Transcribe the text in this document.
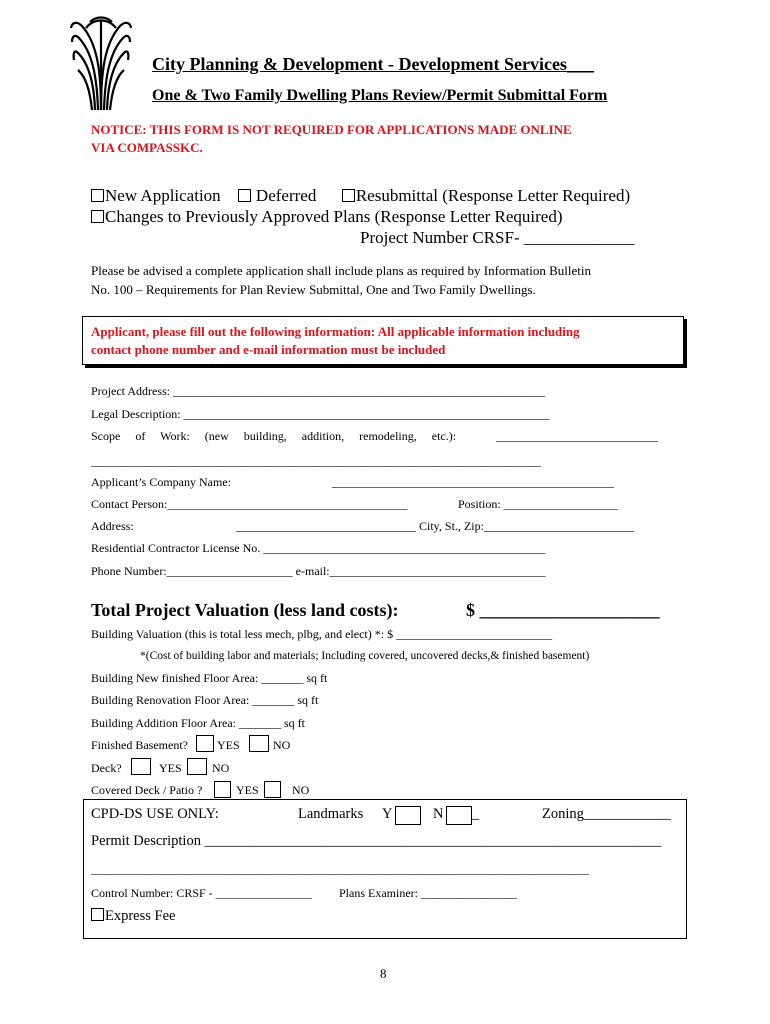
City Planning & Development - Development Services___
One & Two Family Dwelling Plans Review/Permit Submittal Form
NOTICE: THIS FORM IS NOT REQUIRED FOR APPLICATIONS MADE ONLINE
VIA COMPASSKC.
New Application Deferred Resubmittal (Response Letter Required)
Changes to Previously Approved Plans (Response Letter Required)
Project Number CRSF- _____________
Please be advised a complete application shall include plans as required by Information Bulletin
No. 100 – Requirements for Plan Review Submittal, One and Two Family Dwellings.
Applicant, please fill out the following information: All applicable information including
contact phone number and e-mail information must be included
Project Address: ______________________________________________________________
Legal Description: _____________________________________________________________
Scope     of     Work:     (new     building,     addition,     remodeling,     etc.):	___________________________
___________________________________________________________________________
Applicant’s Company Name:	_______________________________________________
Contact Person:________________________________________	Position: ___________________
Address:	______________________________ City, St., Zip:_________________________
Residential Contractor License No. _______________________________________________
Phone Number:_____________________ e-mail:____________________________________
Total Project Valuation (less land costs):	$ ____________________
Building Valuation (this is total less mech, plbg, and elect) *: $ __________________________
*(Cost of building labor and materials; Including covered, uncovered decks,& finished basement)
Building New finished Floor Area: _______ sq ft
Building Renovation Floor Area: _______ sq ft
Building Addition Floor Area: _______ sq ft
Finished Basement? YES	NO
Deck?	YES	NO
Covered Deck / Patio ?	YES	NO
CPD-DS USE ONLY:	Landmarks Y	N _	Zoning____________
Permit Description _______________________________________________________________
_________________________________________________________________________________
Control Number: CRSF - ________________ Plans Examiner: ________________
Express Fee
8
